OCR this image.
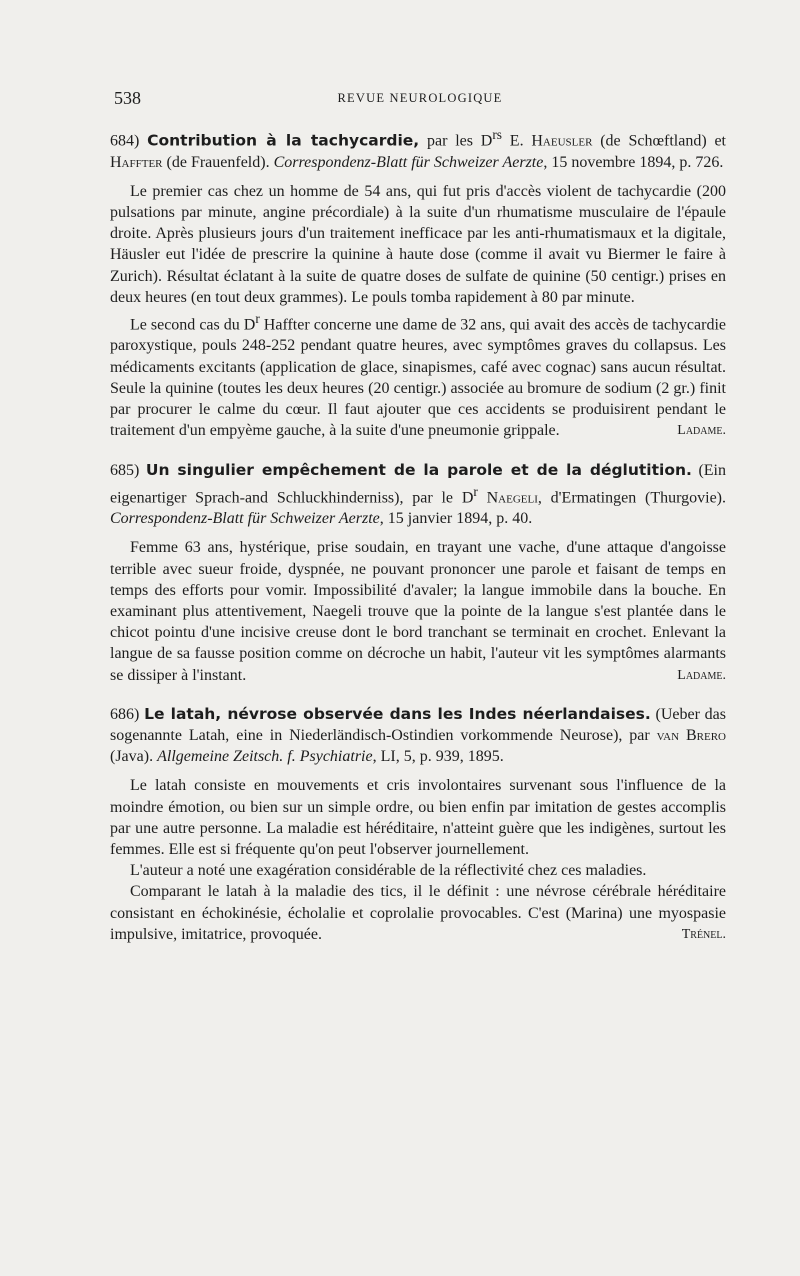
538	REVUE NEUROLOGIQUE

684) Contribution à la tachycardie, par les $D^{rs}$ E. Haeusler (de Schœftland) et Haffter (de Frauenfeld). Correspondenz-Blatt für Schweizer Aerzte, 15 novembre 1894, p. 726.

Le premier cas chez un homme de 54 ans, qui fut pris d'accès violent de tachycardie (200 pulsations par minute, angine précordiale) à la suite d'un rhumatisme musculaire de l'épaule droite. Après plusieurs jours d'un traitement inefficace par les anti-rhumatismaux et la digitale, Häusler eut l'idée de prescrire la quinine à haute dose (comme il avait vu Biermer le faire à Zurich). Résultat éclatant à la suite de quatre doses de sulfate de quinine (50 centigr.) prises en deux heures (en tout deux grammes). Le pouls tomba rapidement à 80 par minute.

Le second cas du $D^r$ Haffter concerne une dame de 32 ans, qui avait des accès de tachycardie paroxystique, pouls 248-252 pendant quatre heures, avec symptômes graves du collapsus. Les médicaments excitants (application de glace, sinapismes, café avec cognac) sans aucun résultat. Seule la quinine (toutes les deux heures (20 centigr.) associée au bromure de sodium (2 gr.) finit par procurer le calme du cœur. Il faut ajouter que ces accidents se produisirent pendant le traitement d'un empyème gauche, à la suite d'une pneumonie grippale.	Ladame.

685) Un singulier empêchement de la parole et de la déglutition. (Ein eigenartiger Sprach-and Schluckhinderniss), par le $D^r$ Naegeli, d'Ermatingen (Thurgovie). Correspondenz-Blatt für Schweizer Aerzte, 15 janvier 1894, p. 40.

Femme 63 ans, hystérique, prise soudain, en trayant une vache, d'une attaque d'angoisse terrible avec sueur froide, dyspnée, ne pouvant prononcer une parole et faisant de temps en temps des efforts pour vomir. Impossibilité d'avaler; la langue immobile dans la bouche. En examinant plus attentivement, Naegeli trouve que la pointe de la langue s'est plantée dans le chicot pointu d'une incisive creuse dont le bord tranchant se terminait en crochet. Enlevant la langue de sa fausse position comme on décroche un habit, l'auteur vit les symptômes alarmants se dissiper à l'instant.	Ladame.

686) Le latah, névrose observée dans les Indes néerlandaises. (Ueber das sogenannte Latah, eine in Niederländisch-Ostindien vorkommende Neurose), par van Brero (Java). Allgemeine Zeitsch. f. Psychiatrie, LI, 5, p. 939, 1895.

Le latah consiste en mouvements et cris involontaires survenant sous l'influence de la moindre émotion, ou bien sur un simple ordre, ou bien enfin par imitation de gestes accomplis par une autre personne. La maladie est héréditaire, n'atteint guère que les indigènes, surtout les femmes. Elle est si fréquente qu'on peut l'observer journellement.

L'auteur a noté une exagération considérable de la réflectivité chez ces maladies.

Comparant le latah à la maladie des tics, il le définit : une névrose cérébrale héréditaire consistant en échokinésie, écholalie et coprolalie provocables. C'est (Marina) une myospasie impulsive, imitatrice, provoquée.	Trénel.
